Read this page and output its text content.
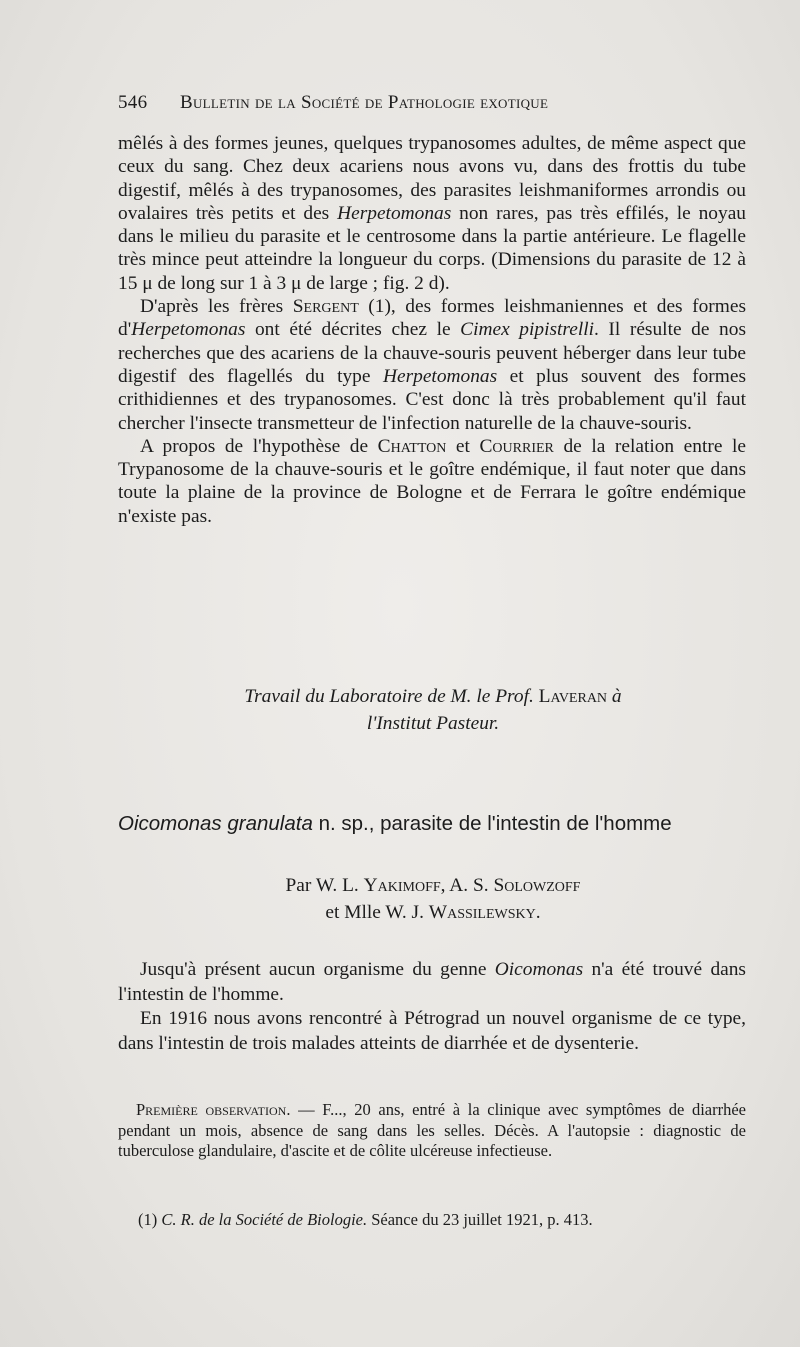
546 Bulletin de la Société de Pathologie exotique

mêlés à des formes jeunes, quelques trypanosomes adultes, de même aspect que ceux du sang. Chez deux acariens nous avons vu, dans des frottis du tube digestif, mêlés à des trypanosomes, des parasites leishmaniformes arrondis ou ovalaires très petits et des Herpetomonas non rares, pas très effilés, le noyau dans le milieu du parasite et le centrosome dans la partie antérieure. Le flagelle très mince peut atteindre la longueur du corps. (Dimensions du parasite de 12 à 15 μ de long sur 1 à 3 μ de large ; fig. 2 d).

D'après les frères Sergent (1), des formes leishmaniennes et des formes d'Herpetomonas ont été décrites chez le Cimex pipistrelli. Il résulte de nos recherches que des acariens de la chauve-souris peuvent héberger dans leur tube digestif des flagellés du type Herpetomonas et plus souvent des formes crithidiennes et des trypanosomes. C'est donc là très probablement qu'il faut chercher l'insecte transmetteur de l'infection naturelle de la chauve-souris.

A propos de l'hypothèse de Chatton et Courrier de la relation entre le Trypanosome de la chauve-souris et le goître endémique, il faut noter que dans toute la plaine de la province de Bologne et de Ferrara le goître endémique n'existe pas.

Travail du Laboratoire de M. le Prof. Laveran à
l'Institut Pasteur.
Oicomonas granulata n. sp., parasite de l'intestin de l'homme
Par W. L. Yakimoff, A. S. Solowzoff
et Mlle W. J. Wassilewsky.

Jusqu'à présent aucun organisme du genne Oicomonas n'a été trouvé dans l'intestin de l'homme.

En 1916 nous avons rencontré à Pétrograd un nouvel organisme de ce type, dans l'intestin de trois malades atteints de diarrhée et de dysenterie.

Première observation. — F..., 20 ans, entré à la clinique avec symptômes de diarrhée pendant un mois, absence de sang dans les selles. Décès. A l'autopsie : diagnostic de tuberculose glandulaire, d'ascite et de côlite ulcéreuse infectieuse.

(1) C. R. de la Société de Biologie. Séance du 23 juillet 1921, p. 413.
